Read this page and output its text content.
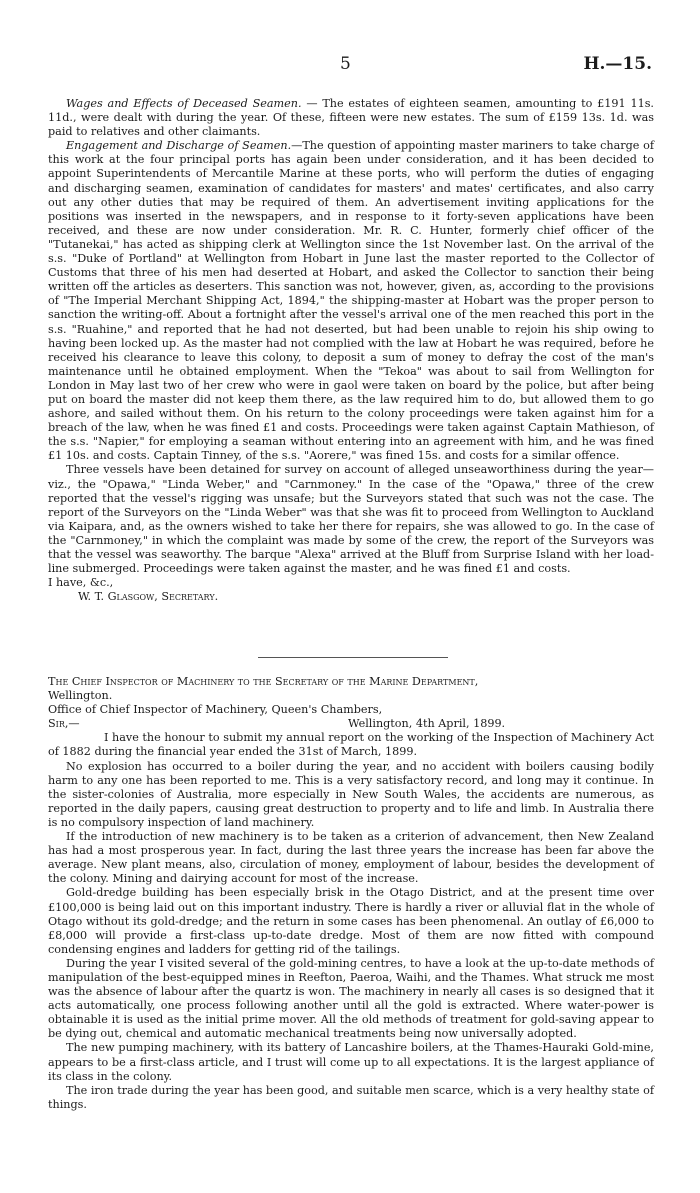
5	H.—15.

Wages and Effects of Deceased Seamen. — The estates of eighteen seamen, amounting to £191 11s. 11d., were dealt with during the year. Of these, fifteen were new estates. The sum of £159 13s. 1d. was paid to relatives and other claimants.

Engagement and Discharge of Seamen.—The question of appointing master mariners to take charge of this work at the four principal ports has again been under consideration, and it has been decided to appoint Superintendents of Mercantile Marine at these ports, who will perform the duties of engaging and discharging seamen, examination of candidates for masters' and mates' certificates, and also carry out any other duties that may be required of them. An advertisement inviting applications for the positions was inserted in the newspapers, and in response to it forty-seven applications have been received, and these are now under consideration. Mr. R. C. Hunter, formerly chief officer of the "Tutanekai," has acted as shipping clerk at Wellington since the 1st November last. On the arrival of the s.s. "Duke of Portland" at Wellington from Hobart in June last the master reported to the Collector of Customs that three of his men had deserted at Hobart, and asked the Collector to sanction their being written off the articles as deserters. This sanction was not, however, given, as, according to the provisions of "The Imperial Merchant Shipping Act, 1894," the shipping-master at Hobart was the proper person to sanction the writing-off. About a fortnight after the vessel's arrival one of the men reached this port in the s.s. "Ruahine," and reported that he had not deserted, but had been unable to rejoin his ship owing to having been locked up. As the master had not complied with the law at Hobart he was required, before he received his clearance to leave this colony, to deposit a sum of money to defray the cost of the man's maintenance until he obtained employment. When the "Tekoa" was about to sail from Wellington for London in May last two of her crew who were in gaol were taken on board by the police, but after being put on board the master did not keep them there, as the law required him to do, but allowed them to go ashore, and sailed without them. On his return to the colony proceedings were taken against him for a breach of the law, when he was fined £1 and costs. Proceedings were taken against Captain Mathieson, of the s.s. "Napier," for employing a seaman without entering into an agreement with him, and he was fined £1 10s. and costs. Captain Tinney, of the s.s. "Aorere," was fined 15s. and costs for a similar offence.

Three vessels have been detained for survey on account of alleged unseaworthiness during the year—viz., the "Opawa," "Linda Weber," and "Carnmoney." In the case of the "Opawa," three of the crew reported that the vessel's rigging was unsafe; but the Surveyors stated that such was not the case. The report of the Surveyors on the "Linda Weber" was that she was fit to proceed from Wellington to Auckland via Kaipara, and, as the owners wished to take her there for repairs, she was allowed to go. In the case of the "Carnmoney," in which the complaint was made by some of the crew, the report of the Surveyors was that the vessel was seaworthy. The barque "Alexa" arrived at the Bluff from Surprise Island with her load-line submerged. Proceedings were taken against the master, and he was fined £1 and costs.

I have, &c.,

W. T. Glasgow, Secretary.

The Chief Inspector of Machinery to the Secretary of the Marine Department,

Wellington.

Office of Chief Inspector of Machinery, Queen's Chambers,

Sir,—	Wellington, 4th April, 1899.

I have the honour to submit my annual report on the working of the Inspection of Machinery Act of 1882 during the financial year ended the 31st of March, 1899.

No explosion has occurred to a boiler during the year, and no accident with boilers causing bodily harm to any one has been reported to me. This is a very satisfactory record, and long may it continue. In the sister-colonies of Australia, more especially in New South Wales, the accidents are numerous, as reported in the daily papers, causing great destruction to property and to life and limb. In Australia there is no compulsory inspection of land machinery.

If the introduction of new machinery is to be taken as a criterion of advancement, then New Zealand has had a most prosperous year. In fact, during the last three years the increase has been far above the average. New plant means, also, circulation of money, employment of labour, besides the development of the colony. Mining and dairying account for most of the increase.

Gold-dredge building has been especially brisk in the Otago District, and at the present time over £100,000 is being laid out on this important industry. There is hardly a river or alluvial flat in the whole of Otago without its gold-dredge; and the return in some cases has been phenomenal. An outlay of £6,000 to £8,000 will provide a first-class up-to-date dredge. Most of them are now fitted with compound condensing engines and ladders for getting rid of the tailings.

During the year I visited several of the gold-mining centres, to have a look at the up-to-date methods of manipulation of the best-equipped mines in Reefton, Paeroa, Waihi, and the Thames. What struck me most was the absence of labour after the quartz is won. The machinery in nearly all cases is so designed that it acts automatically, one process following another until all the gold is extracted. Where water-power is obtainable it is used as the initial prime mover. All the old methods of treatment for gold-saving appear to be dying out, chemical and automatic mechanical treatments being now universally adopted.

The new pumping machinery, with its battery of Lancashire boilers, at the Thames-Hauraki Gold-mine, appears to be a first-class article, and I trust will come up to all expectations. It is the largest appliance of its class in the colony.

The iron trade during the year has been good, and suitable men scarce, which is a very healthy state of things.
